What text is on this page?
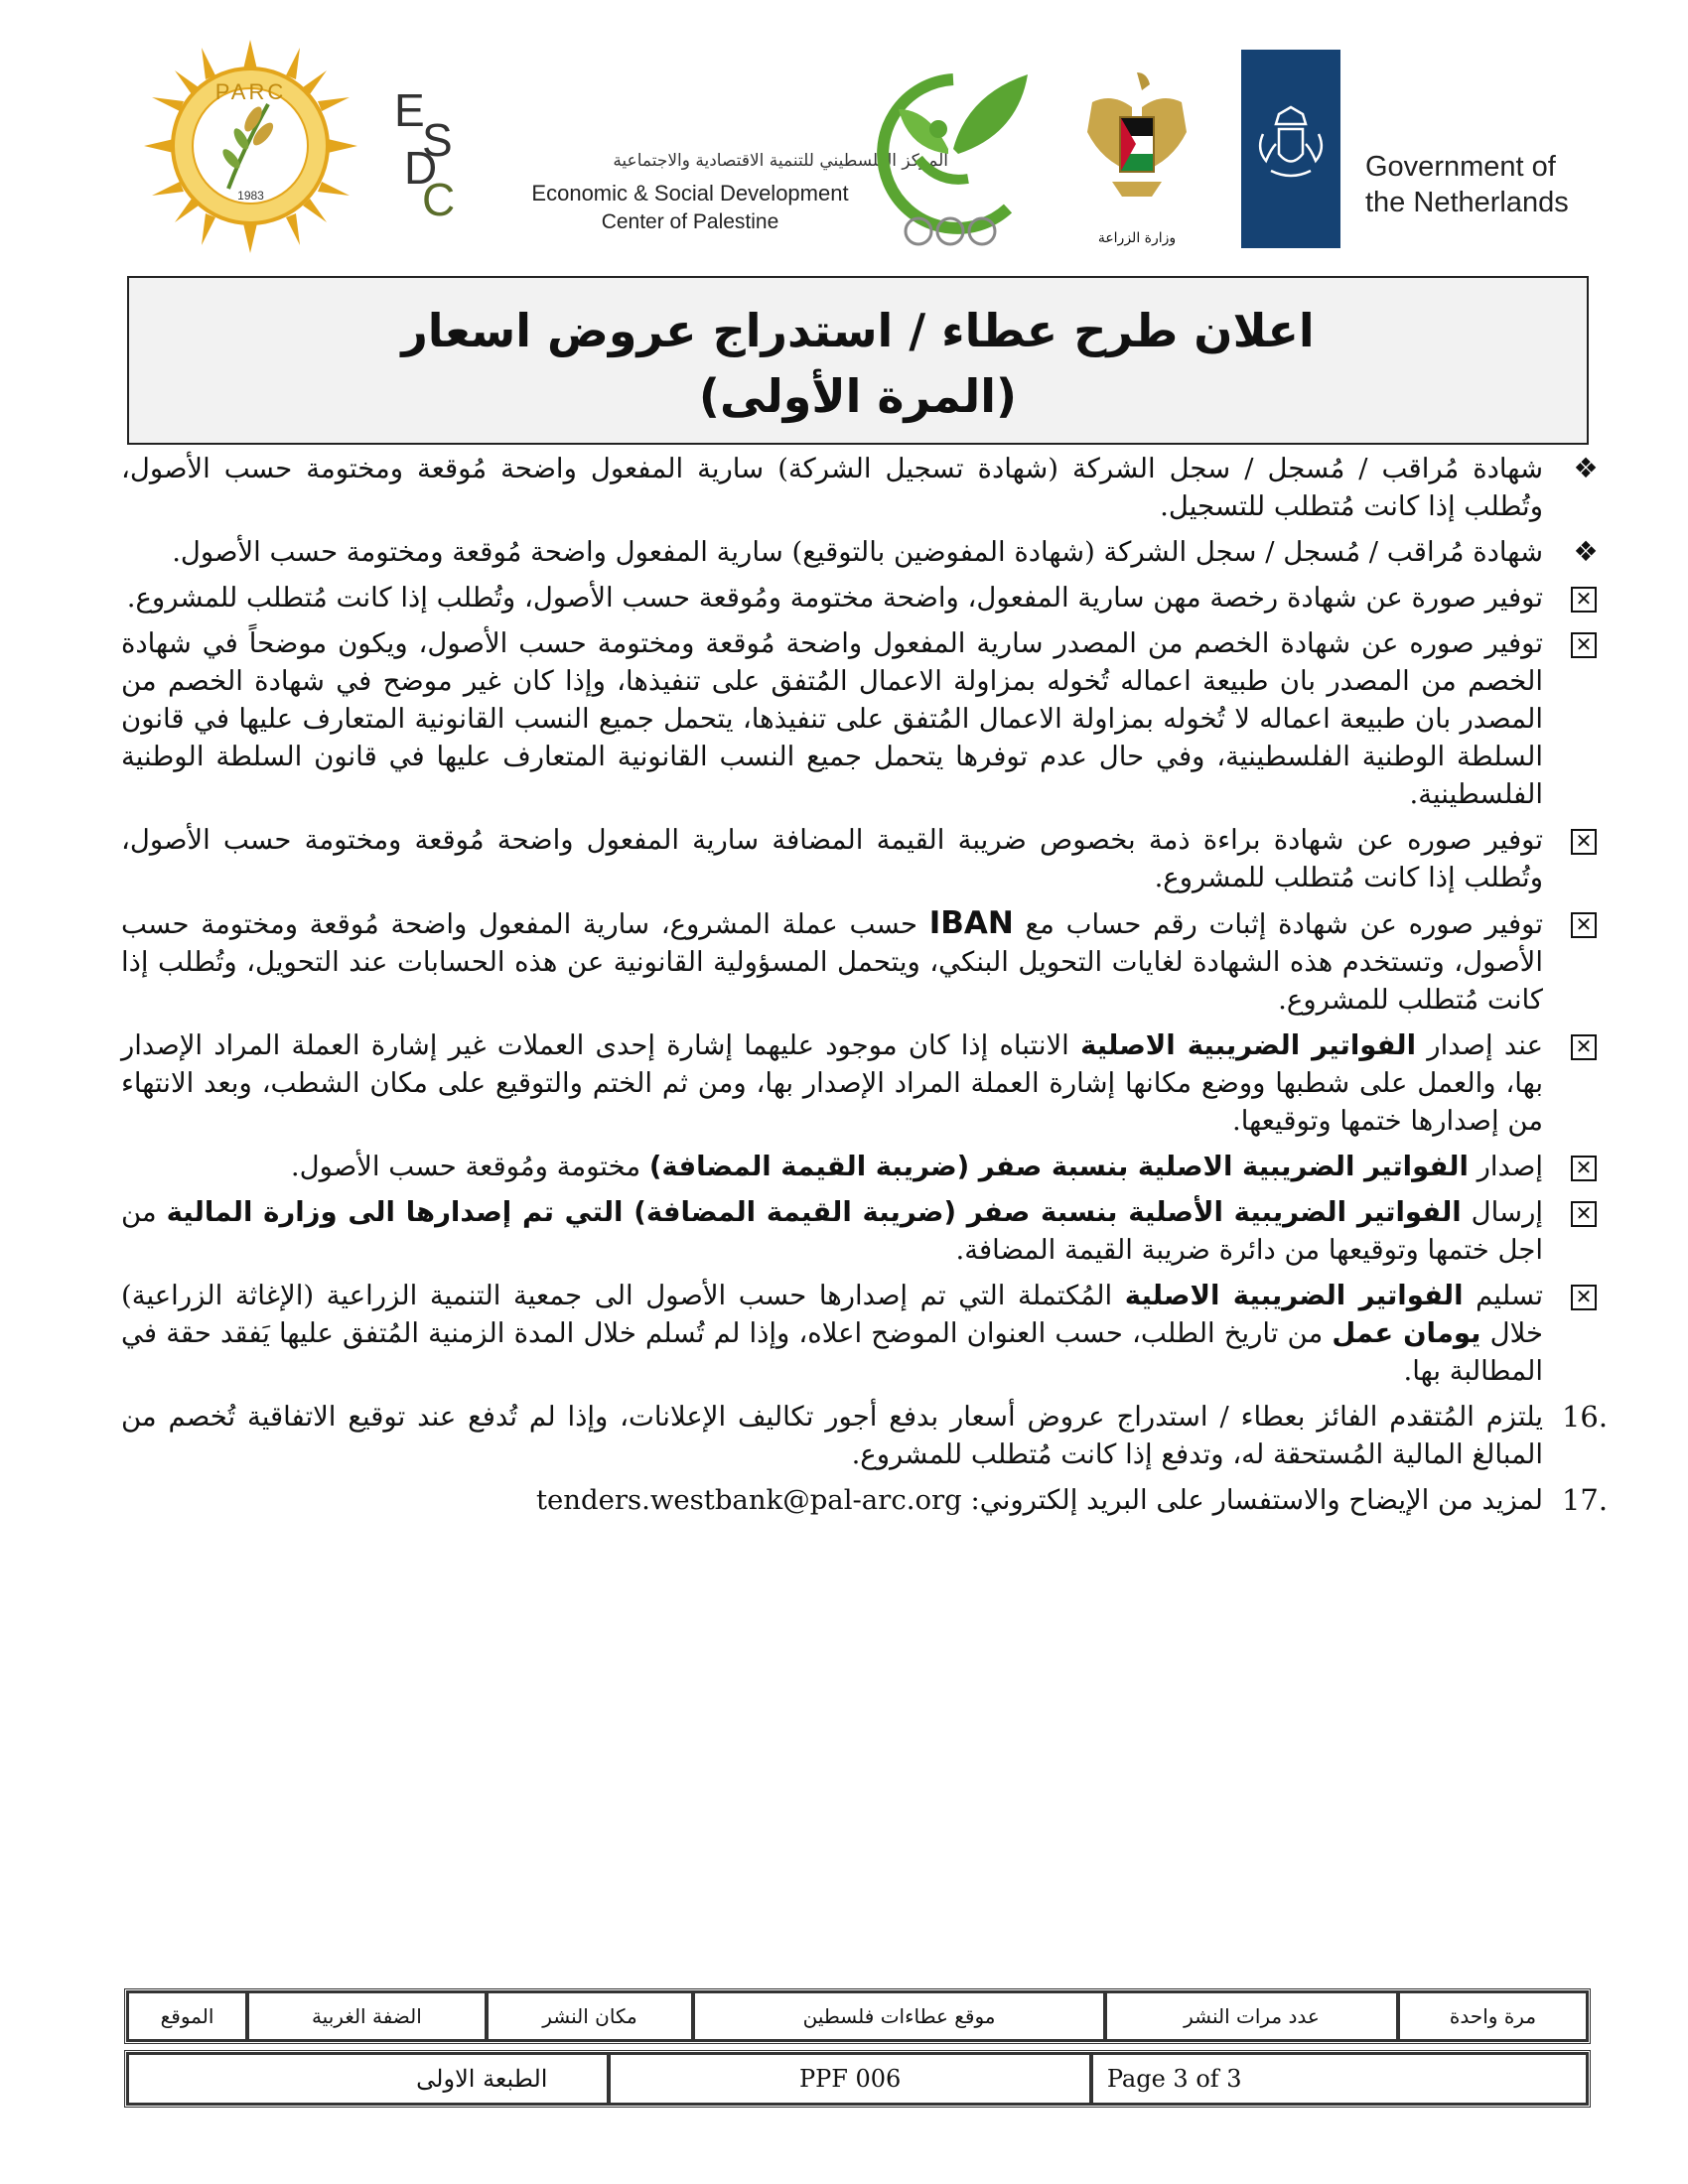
PARC
1983
E
S
D
C
المركز الفلسطيني للتنمية الاقتصادية والاجتماعية
Economic & Social Development
Center of Palestine
وزارة الزراعة
Government of
the Netherlands
اعلان طرح عطاء / استدراج عروض اسعار
(المرة الأولى)
❖
شهادة مُراقب / مُسجل / سجل الشركة (شهادة تسجيل الشركة) سارية المفعول واضحة مُوقعة ومختومة حسب الأصول، وتُطلب إذا كانت مُتطلب للتسجيل.
❖
شهادة مُراقب / مُسجل / سجل الشركة (شهادة المفوضين بالتوقيع) سارية المفعول واضحة مُوقعة ومختومة حسب الأصول.
✕
توفير صورة عن شهادة رخصة مهن سارية المفعول، واضحة مختومة ومُوقعة حسب الأصول، وتُطلب إذا كانت مُتطلب للمشروع.
✕
توفير صوره عن شهادة الخصم من المصدر سارية المفعول واضحة مُوقعة ومختومة حسب الأصول، ويكون موضحاً في شهادة الخصم من المصدر بان طبيعة اعماله تُخوله بمزاولة الاعمال المُتفق على تنفيذها، وإذا كان غير موضح في شهادة الخصم من المصدر بان طبيعة اعماله لا تُخوله بمزاولة الاعمال المُتفق على تنفيذها، يتحمل جميع النسب القانونية المتعارف عليها في قانون السلطة الوطنية الفلسطينية، وفي حال عدم توفرها يتحمل جميع النسب القانونية المتعارف عليها في قانون السلطة الوطنية الفلسطينية.
✕
توفير صوره عن شهادة براءة ذمة بخصوص ضريبة القيمة المضافة سارية المفعول واضحة مُوقعة ومختومة حسب الأصول، وتُطلب إذا كانت مُتطلب للمشروع.
✕
توفير صوره عن شهادة إثبات رقم حساب مع IBAN حسب عملة المشروع، سارية المفعول واضحة مُوقعة ومختومة حسب الأصول، وتستخدم هذه الشهادة لغايات التحويل البنكي، ويتحمل المسؤولية القانونية عن هذه الحسابات عند التحويل، وتُطلب إذا كانت مُتطلب للمشروع.
✕
عند إصدار الفواتير الضريبية الاصلية الانتباه إذا كان موجود عليهما إشارة إحدى العملات غير إشارة العملة المراد الإصدار بها، والعمل على شطبها ووضع مكانها إشارة العملة المراد الإصدار بها، ومن ثم الختم والتوقيع على مكان الشطب، وبعد الانتهاء من إصدارها ختمها وتوقيعها.
✕
إصدار الفواتير الضريبية الاصلية بنسبة صفر (ضريبة القيمة المضافة) مختومة ومُوقعة حسب الأصول.
✕
إرسال الفواتير الضريبية الأصلية بنسبة صفر (ضريبة القيمة المضافة) التي تم إصدارها الى وزارة المالية من اجل ختمها وتوقيعها من دائرة ضريبة القيمة المضافة.
✕
تسليم الفواتير الضريبية الاصلية المُكتملة التي تم إصدارها حسب الأصول الى جمعية التنمية الزراعية (الإغاثة الزراعية) خلال يومان عمل من تاريخ الطلب، حسب العنوان الموضح اعلاه، وإذا لم تُسلم خلال المدة الزمنية المُتفق عليها يَفقد حقة في المطالبة بها.
.16
يلتزم المُتقدم الفائز بعطاء / استدراج عروض أسعار بدفع أجور تكاليف الإعلانات، وإذا لم تُدفع عند توقيع الاتفاقية تُخصم من المبالغ المالية المُستحقة له، وتدفع إذا كانت مُتطلب للمشروع.
.17
لمزيد من الإيضاح والاستفسار على البريد إلكتروني: tenders.westbank@pal-arc.org
الموقع	الضفة الغربية	مكان النشر	موقع عطاءات فلسطين	عدد مرات النشر	مرة واحدة
الطبعة الاولى	PPF 006	Page 3 of 3
